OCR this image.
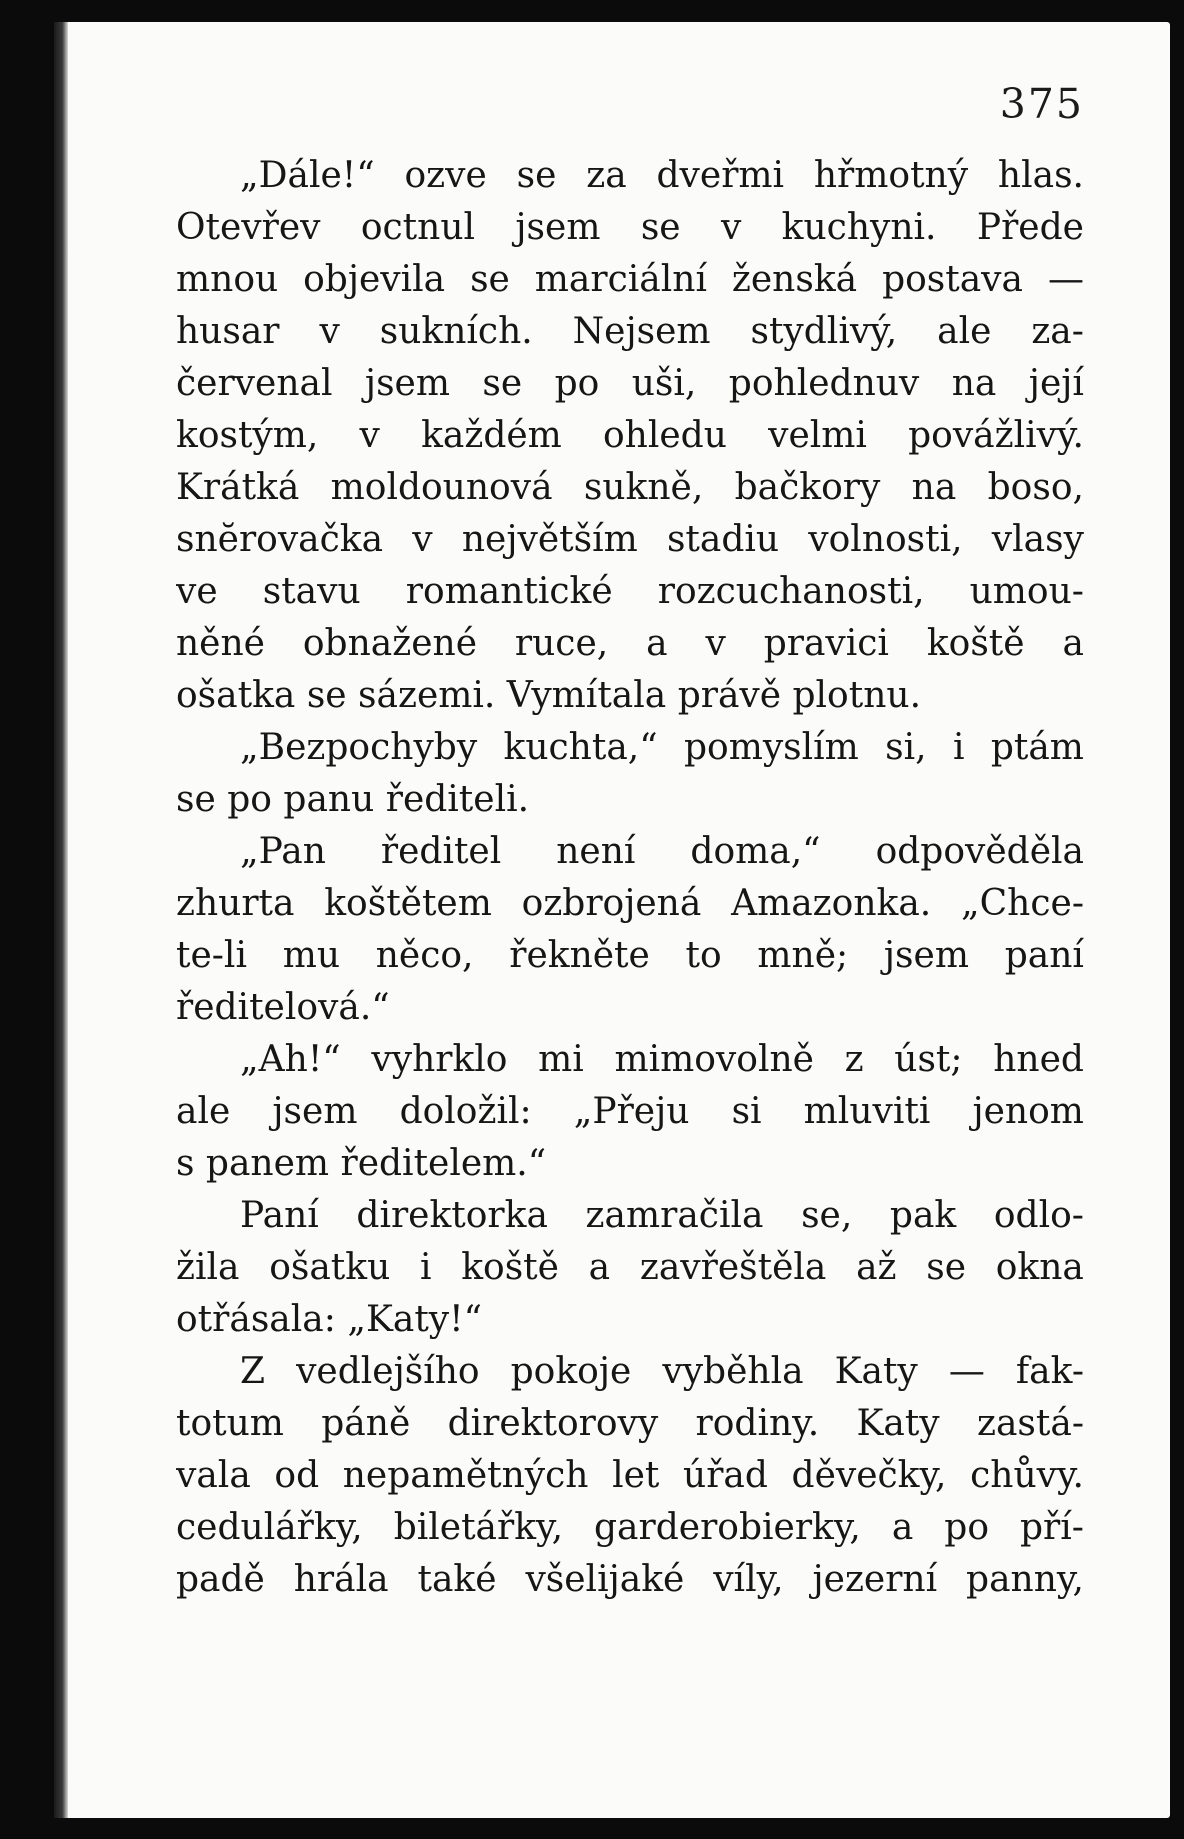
375
„Dále!“ ozve se za dveřmi hřmotný hlas.
Otevřev octnul jsem se v kuchyni. Přede
mnou objevila se marciální ženská postava —
husar v sukních. Nejsem stydlivý, ale za-
červenal jsem se po uši, pohlednuv na její
kostým, v každém ohledu velmi povážlivý.
Krátká moldounová sukně, bačkory na boso,
snĕrovačka v největším stadiu volnosti, vlasy
ve stavu romantické rozcuchanosti, umou-
něné obnažené ruce, a v pravici koště a
ošatka se sázemi. Vymítala právě plotnu.
„Bezpochyby kuchta,“ pomyslím si, i ptám
se po panu řediteli.
„Pan ředitel není doma,“ odpověděla
zhurta koštětem ozbrojená Amazonka. „Chce-
te-li mu něco, řekněte to mně; jsem paní
ředitelová.“
„Ah!“ vyhrklo mi mimovolně z úst; hned
ale jsem doložil: „Přeju si mluviti jenom
s panem ředitelem.“
Paní direktorka zamračila se, pak odlo-
žila ošatku i koště a zavřeštěla až se okna
otřásala: „Katy!“
Z vedlejšího pokoje vyběhla Katy — fak-
totum páně direktorovy rodiny. Katy zastá-
vala od nepamětných let úřad děvečky, chůvy.
cedulářky, biletářky, garderobierky, a po pří-
padě hrála také všelijaké víly, jezerní panny,
